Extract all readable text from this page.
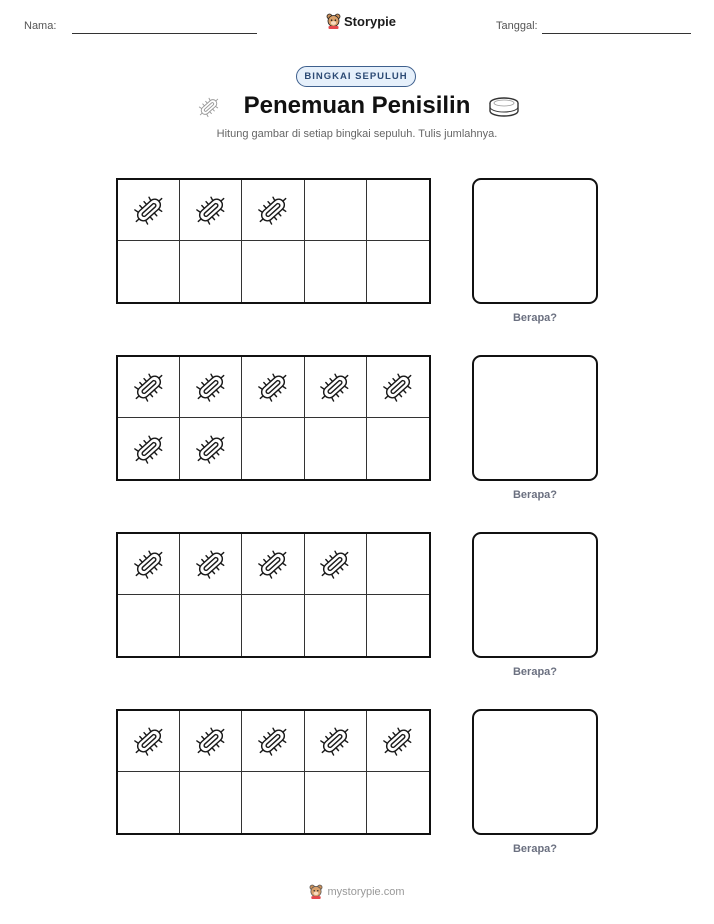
Nama:	Storypie	Tanggal:
BINGKAI SEPULUH
Penemuan Penisilin
Hitung gambar di setiap bingkai sepuluh. Tulis jumlahnya.
Berapa?
Berapa?
Berapa?
Berapa?
mystorypie.com
